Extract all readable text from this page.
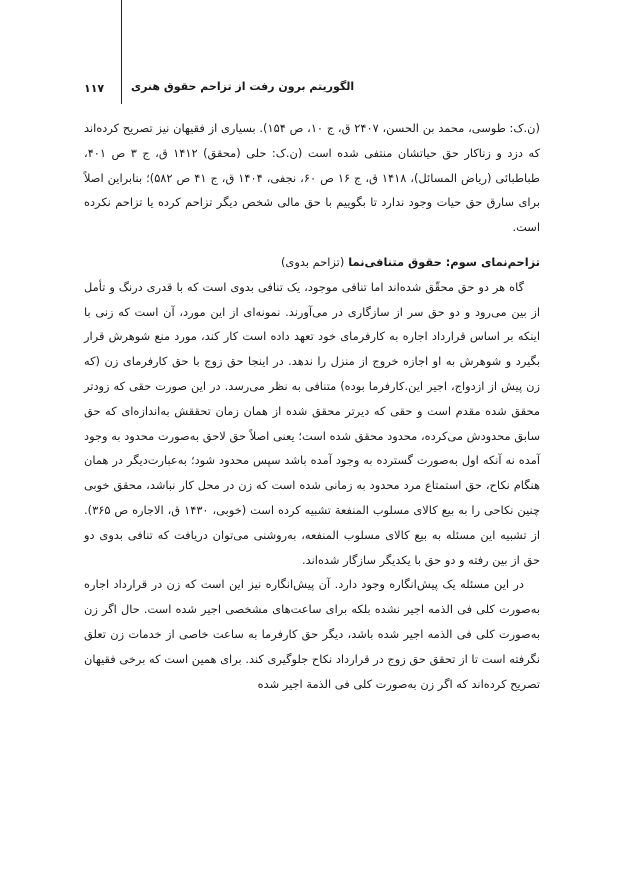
۱۱۷ الگوریتم برون رفت از تزاحم حقوق هنری

(ن.ک: طوسی، محمد بن الحسن، ۲۴۰۷ ق، ج ۱۰، ص ۱۵۴). بسیاری از فقیهان نیز تصریح کرده‌اند که دزد و زناکار حق حیاتشان منتفی شده است (ن.ک: حلی (محقق) ۱۴۱۲ ق، ج ۳ ص ۴۰۱، طباطبائی (ریاض المسائل)، ۱۴۱۸ ق، ج ۱۶ ص ۶۰، نجفی، ۱۴۰۴ ق، ج ۴۱ ص ۵۸۲)؛ بنابراین اصلاً برای سارق حق حیات وجود ندارد تا بگوییم با حق مالی شخص دیگر تزاحم کرده یا تزاحم نکرده است.

تزاحم‌نمای سوم: حقوق متنافی‌نما (تزاحم بدوی)

گاه هر دو حق محقّق شده‌اند اما تنافی موجود، یک تنافی بدوی است که با قدری درنگ و تأمل از بین می‌رود و دو حق سر از سازگاری در می‌آورند. نمونه‌ای از این مورد، آن است که زنی با اینکه بر اساس قرارداد اجاره به کارفرمای خود تعهد داده است کار کند، مورد منع شوهرش قرار بگیرد و شوهرش به او اجازه خروج از منزل را ندهد. در اینجا حق زوج با حق کارفرمای زن (که زن پیش از ازدواج، اجیر این.کارفرما بوده) متنافی به نظر می‌رسد. در این صورت حقی که زودتر محقق شده مقدم است و حقی که دیرتر محقق شده از همان زمان تحققش به‌اندازه‌ای که حق سابق محدودش می‌کرده، محدود محقق شده است؛ یعنی اصلاً حق لاحق به‌صورت محدود به وجود آمده نه آنکه اول به‌صورت گسترده به وجود آمده باشد سپس محدود شود؛ به‌عبارت‌دیگر در همان هنگام نکاح، حق استمتاع مرد محدود به زمانی شده است که زن در محل کار نباشد، محقق خوبی چنین نکاحی را به بیع کالای مسلوب المنفعة تشبیه کرده است (خوبی، ۱۴۳۰ ق، الاجاره ص ۳۶۵). از تشبیه این مسئله به بیع کالای مسلوب المنفعه، به‌روشنی می‌توان دریافت که تنافی بدوی دو حق از بین رفته و دو حق با یکدیگر سازگار شده‌اند.

در این مسئله یک پیش‌انگاره وجود دارد. آن پیش‌انگاره نیز این است که زن در قرارداد اجاره به‌صورت کلی فی الذمه اجیر نشده بلکه برای ساعت‌های مشخصی اجیر شده است. حال اگر زن به‌صورت کلی فی الذمه اجیر شده باشد، دیگر حق کارفرما به ساعت خاصی از خدمات زن تعلق نگرفته است تا از تحقق حق زوج در قرارداد نکاح جلوگیری کند. برای همین است که برخی فقیهان تصریح کرده‌اند که اگر زن به‌صورت کلی فی الذمة اجیر شده
